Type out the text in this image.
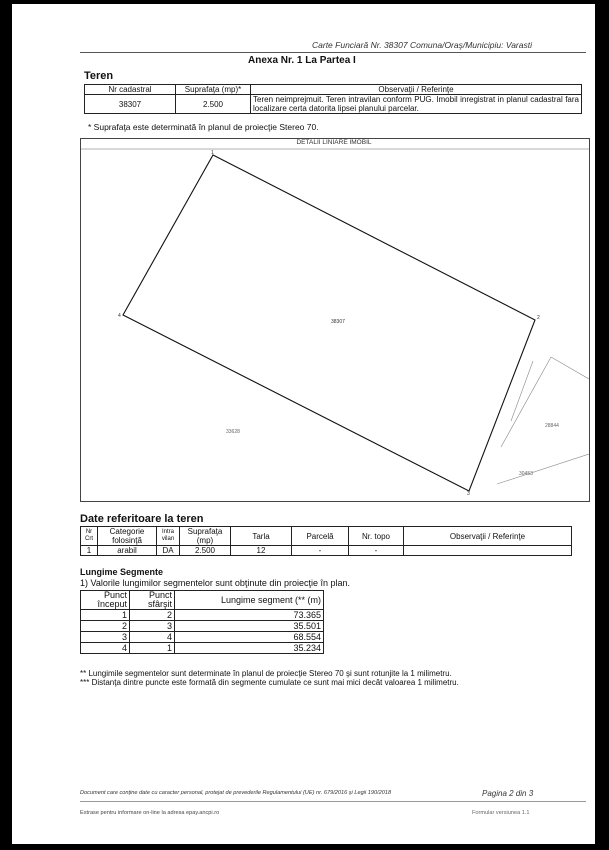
Carte Funciară Nr. 38307 Comuna/Oraş/Municipiu: Varasti
Anexa Nr. 1 La Partea I
Teren
Nr cadastral	Suprafaţa (mp)*	Observaţii / Referinţe
38307	2.500	Teren neimprejmuit. Teren intravilan conform PUG. Imobil inregistrat in planul cadastral fara localizare certa datorita lipsei planului parcelar.
* Suprafaţa este determinată în planul de proiecţie Stereo 70.
1
2
3
4
38307
33628
28844
30453
DETALII LINIARE IMOBIL
Date referitoare la teren
Nr Crt	Categorie folosinţă	Intra vilan	Suprafaţa (mp)	Tarla	Parcelă	Nr. topo	Observaţii / Referinţe
1	arabil	DA	2.500	12	-	-	
Lungime Segmente
1) Valorile lungimilor segmentelor sunt obţinute din proiecţie în plan.
Punct început	Punct sfârşit	Lungime segment (** (m)
1	2	73.365
2	3	35.501
3	4	68.554
4	1	35.234
** Lungimile segmentelor sunt determinate în planul de proiecţie Stereo 70 şi sunt rotunjite la 1 milimetru.
*** Distanţa dintre puncte este formată din segmente cumulate ce sunt mai mici decât valoarea 1 milimetru.
Document care conţine date cu caracter personal, protejat de prevederile Regulamentului (UE) nr. 679/2016 şi Legii 190/2018	Pagina 2 din 3
Extrase pentru informare on-line la adresa epay.ancpi.ro	Formular versiunea 1.1
